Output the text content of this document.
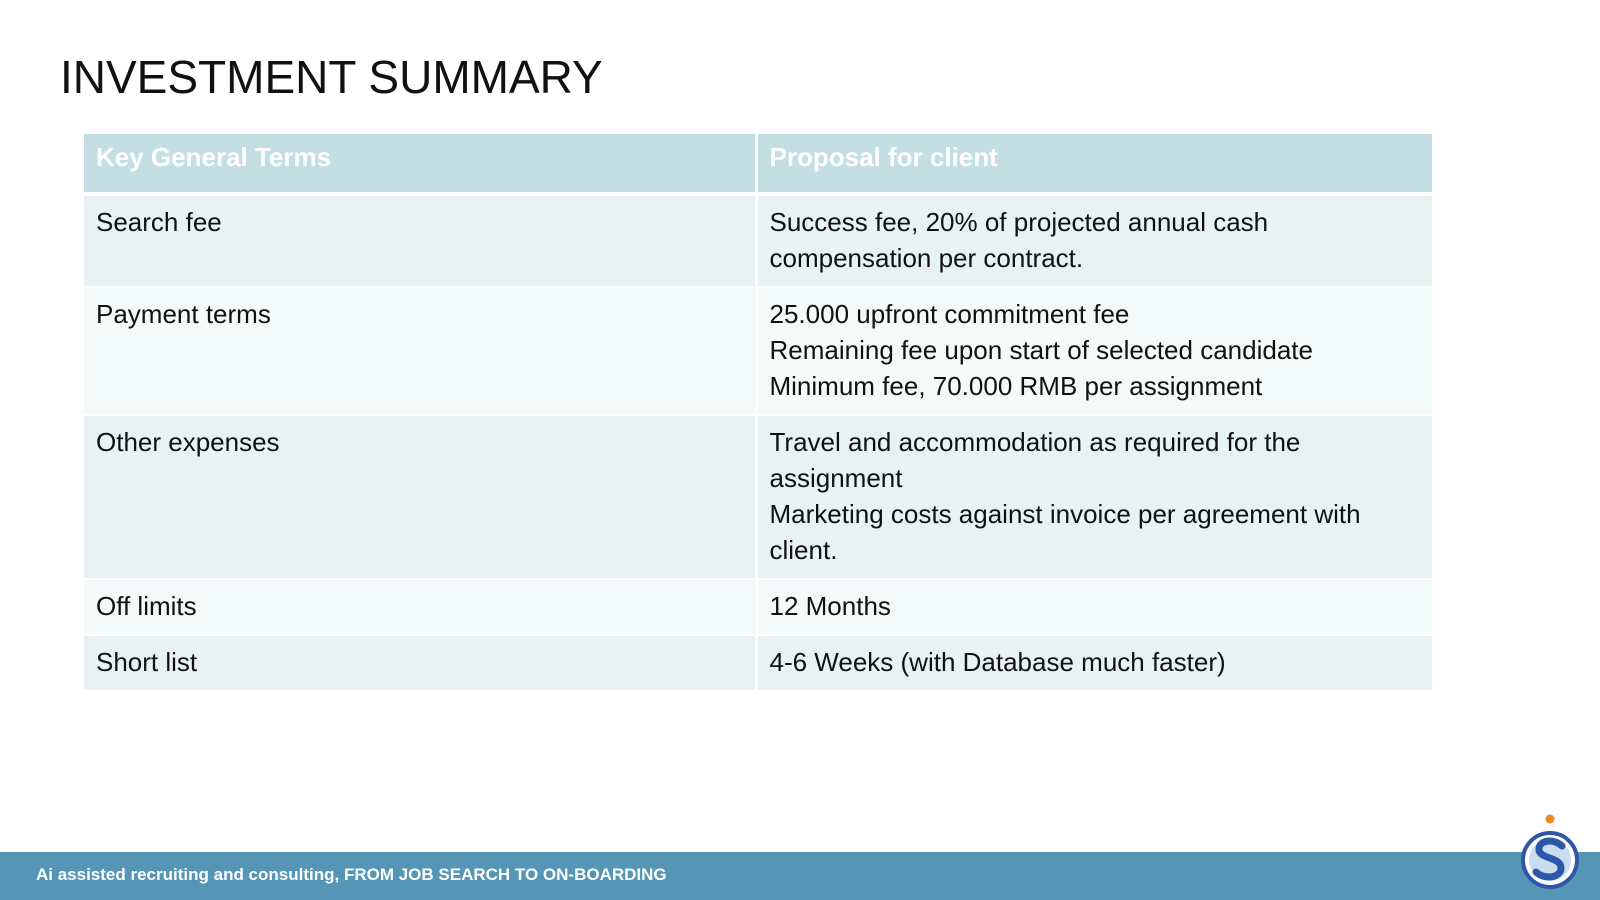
INVESTMENT SUMMARY
Key General Terms	Proposal for client
Search fee	Success fee, 20% of projected annual cash
compensation per contract.

Payment terms	25.000 upfront commitment fee
Remaining fee upon start of selected candidate
Minimum fee, 70.000 RMB per assignment

Other expenses	Travel and accommodation as required for the
assignment
Marketing costs against invoice per agreement with
client.

Off limits	12 Months

Short list	4-6 Weeks (with Database much faster)
Ai assisted recruiting and consulting, FROM JOB SEARCH TO ON-BOARDING
